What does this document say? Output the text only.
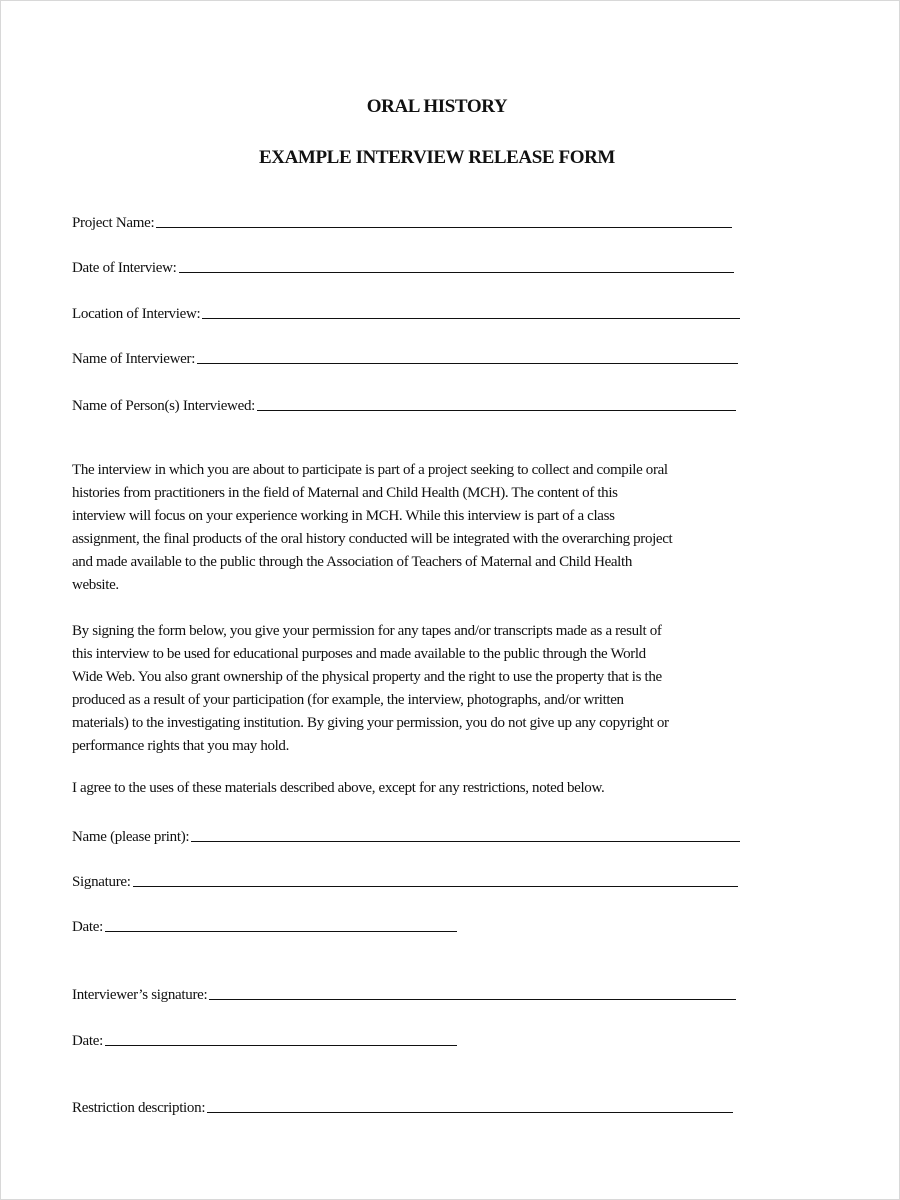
ORAL HISTORY
EXAMPLE INTERVIEW RELEASE FORM
Project Name:
Date of Interview:
Location of Interview:
Name of Interviewer:
Name of Person(s) Interviewed:
The interview in which you are about to participate is part of a project seeking to collect and compile oral
histories from practitioners in the field of Maternal and Child Health (MCH). The content of this
interview will focus on your experience working in MCH. While this interview is part of a class
assignment, the final products of the oral history conducted will be integrated with the overarching project
and made available to the public through the Association of Teachers of Maternal and Child Health
website.
By signing the form below, you give your permission for any tapes and/or transcripts made as a result of
this interview to be used for educational purposes and made available to the public through the World
Wide Web. You also grant ownership of the physical property and the right to use the property that is the
produced as a result of your participation (for example, the interview, photographs, and/or written
materials) to the investigating institution. By giving your permission, you do not give up any copyright or
performance rights that you may hold.
I agree to the uses of these materials described above, except for any restrictions, noted below.
Name (please print):
Signature:
Date:
Interviewer’s signature:
Date:
Restriction description:
